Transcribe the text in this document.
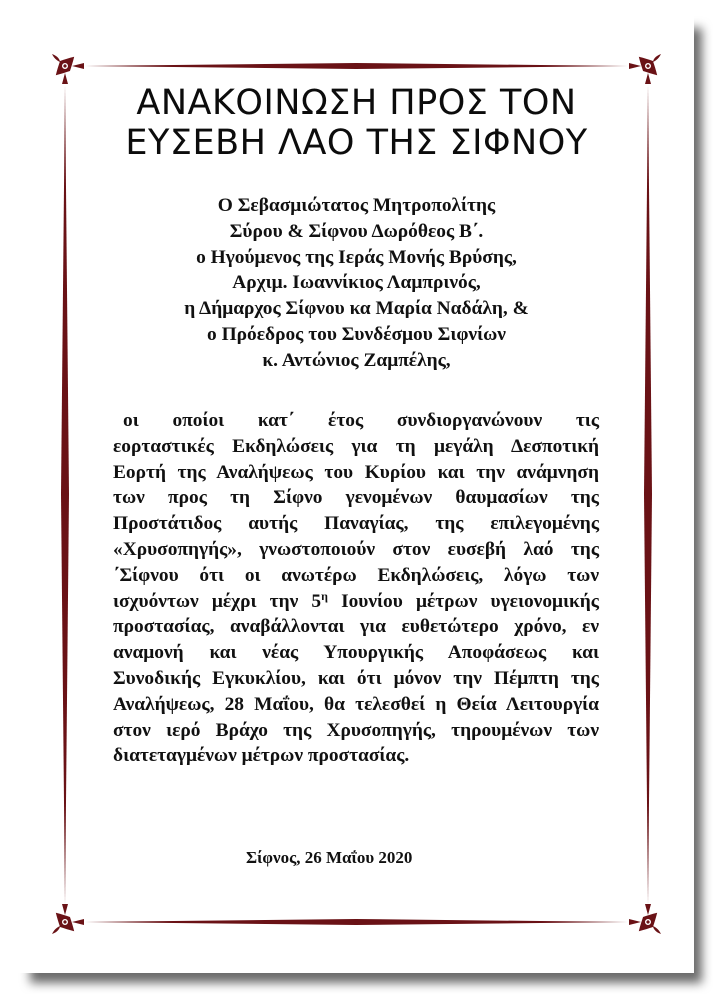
ΑΝΑΚΟΙΝΩΣΗ ΠΡΟΣ ΤΟΝ
ΕΥΣΕΒΗ ΛΑΟ ΤΗΣ ΣΙΦΝΟΥ
Ο Σεβασμιώτατος Μητροπολίτης
Σύρου & Σίφνου Δωρόθεος Β΄.
ο Ηγούμενος της Ιεράς Μονής Βρύσης,
Αρχιμ. Ιωαννίκιος Λαμπρινός,
η Δήμαρχος Σίφνου κα Μαρία Ναδάλη, &
ο Πρόεδρος του Συνδέσμου Σιφνίων
κ. Αντώνιος Ζαμπέλης,
οι οποίοι κατ΄ έτος συνδιοργανώνουν τις
εορταστικές Εκδηλώσεις για τη μεγάλη Δεσποτική
Εορτή της Αναλήψεως του Κυρίου και την ανάμνηση
των προς τη Σίφνο γενομένων θαυμασίων της
Προστάτιδος αυτής Παναγίας, της επιλεγομένης
«Χρυσοπηγής», γνωστοποιούν στον ευσεβή λαό της
΄Σίφνου ότι οι ανωτέρω Εκδηλώσεις, λόγω των
ισχυόντων μέχρι την $5^\eta$ Ιουνίου μέτρων υγειονομικής
προστασίας, αναβάλλονται για ευθετώτερο χρόνο, εν
αναμονή και νέας Υπουργικής Αποφάσεως και
Συνοδικής Εγκυκλίου, και ότι μόνον την Πέμπτη της
Αναλήψεως, 28 Μαΐου, θα τελεσθεί η Θεία Λειτουργία
στον ιερό Βράχο της Χρυσοπηγής, τηρουμένων των
διατεταγμένων μέτρων προστασίας.
Σίφνος, 26 Μαΐου 2020
